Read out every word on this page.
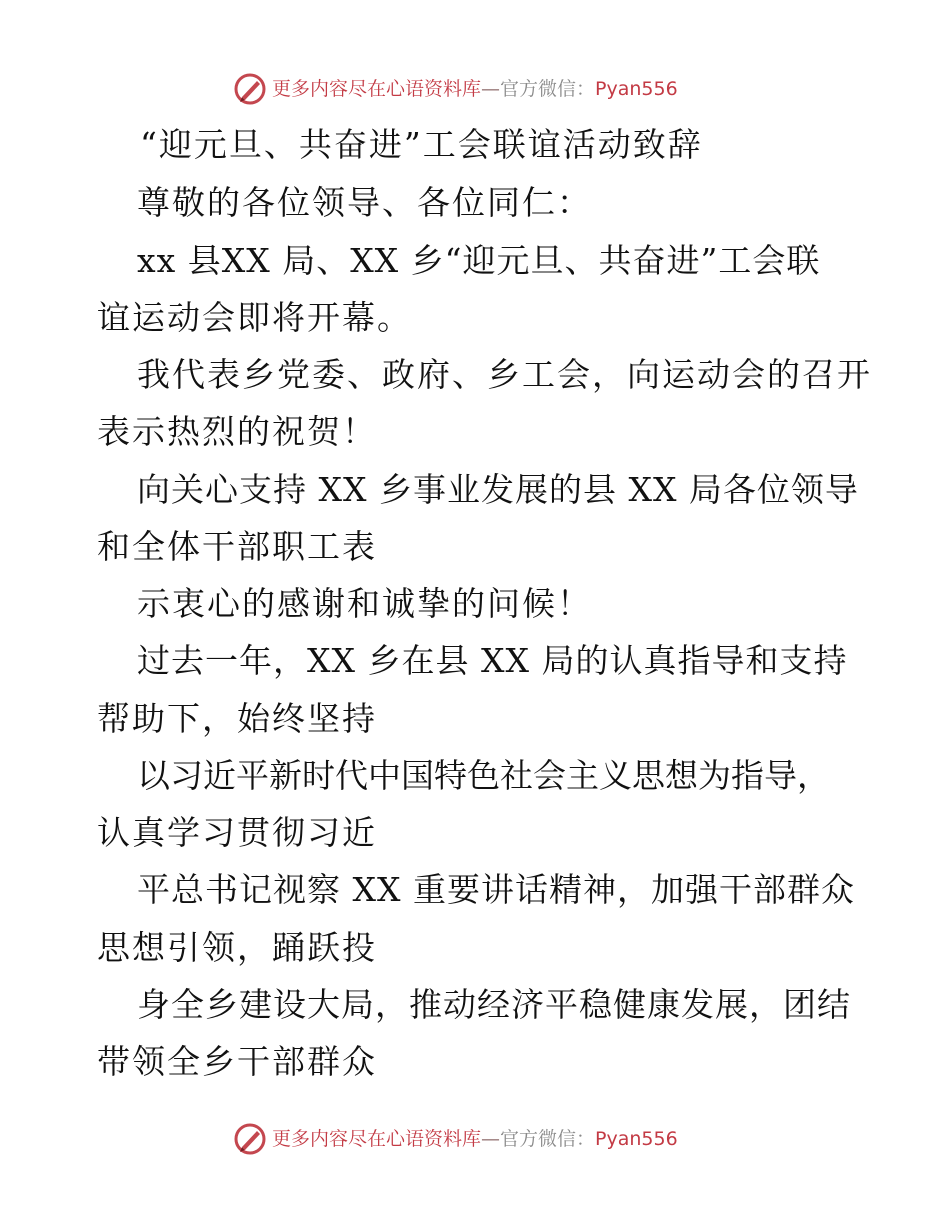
更多内容尽在心语资料库—官方微信：Pyan556
“迎元旦、共奋进”工会联谊活动致辞
尊敬的各位领导、各位同仁：
xx 县XX 局、XX 乡“迎元旦、共奋进”工会联
谊运动会即将开幕。
我代表乡党委、政府、乡工会，向运动会的召开
表示热烈的祝贺！
向关心支持 XX 乡事业发展的县 XX 局各位领导
和全体干部职工表
示衷心的感谢和诚挚的问候！
过去一年，XX 乡在县 XX 局的认真指导和支持
帮助下，始终坚持
以习近平新时代中国特色社会主义思想为指导，
认真学习贯彻习近
平总书记视察 XX 重要讲话精神，加强干部群众
思想引领，踊跃投
身全乡建设大局，推动经济平稳健康发展，团结
带领全乡干部群众
更多内容尽在心语资料库—官方微信：Pyan556
